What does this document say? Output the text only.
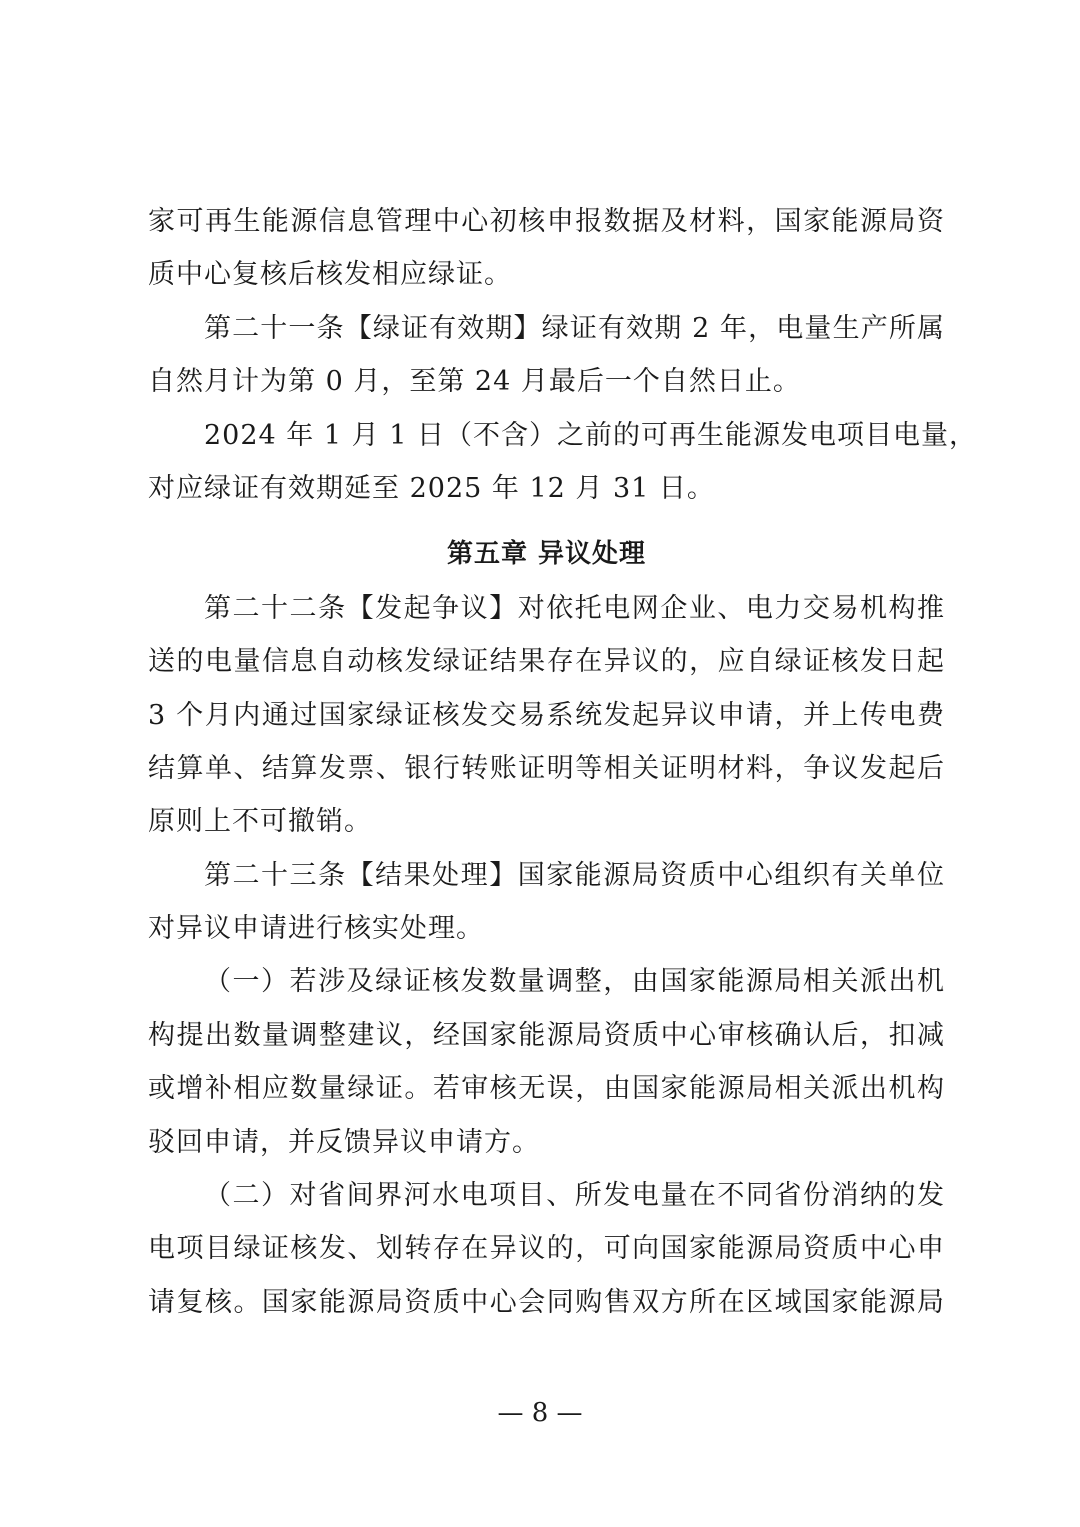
家可再生能源信息管理中心初核申报数据及材料，国家能源局资
质中心复核后核发相应绿证。
第二十一条【绿证有效期】绿证有效期 2 年，电量生产所属
自然月计为第 0 月，至第 24 月最后一个自然日止。
2024 年 1 月 1 日（不含）之前的可再生能源发电项目电量，
对应绿证有效期延至 2025 年 12 月 31 日。
第五章 异议处理
第二十二条【发起争议】对依托电网企业、电力交易机构推
送的电量信息自动核发绿证结果存在异议的，应自绿证核发日起
3 个月内通过国家绿证核发交易系统发起异议申请，并上传电费
结算单、结算发票、银行转账证明等相关证明材料，争议发起后
原则上不可撤销。
第二十三条【结果处理】国家能源局资质中心组织有关单位
对异议申请进行核实处理。
（一）若涉及绿证核发数量调整，由国家能源局相关派出机
构提出数量调整建议，经国家能源局资质中心审核确认后，扣减
或增补相应数量绿证。若审核无误，由国家能源局相关派出机构
驳回申请，并反馈异议申请方。
（二）对省间界河水电项目、所发电量在不同省份消纳的发
电项目绿证核发、划转存在异议的，可向国家能源局资质中心申
请复核。国家能源局资质中心会同购售双方所在区域国家能源局
— 8 —
